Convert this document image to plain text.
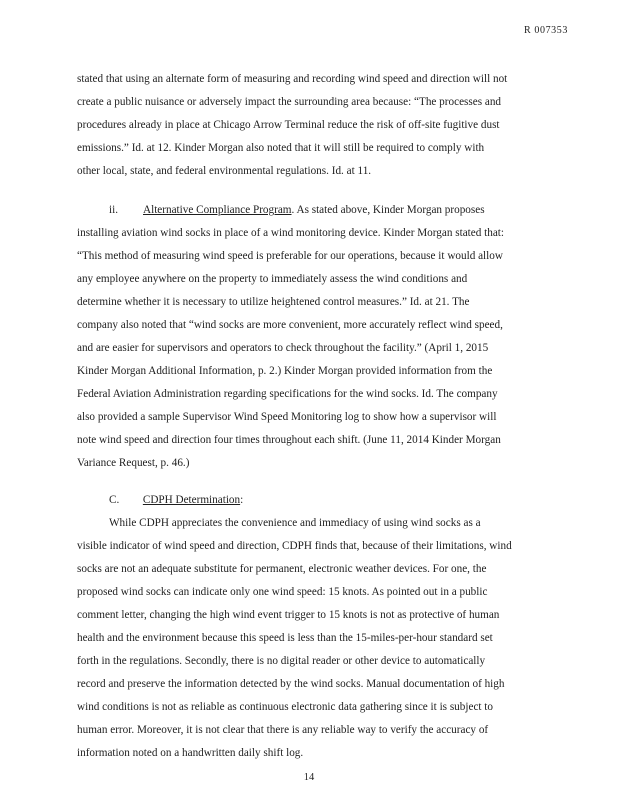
R 007353
stated that using an alternate form of measuring and recording wind speed and direction will not
create a public nuisance or adversely impact the surrounding area because: “The processes and
procedures already in place at Chicago Arrow Terminal reduce the risk of off-site fugitive dust
emissions.” Id. at 12. Kinder Morgan also noted that it will still be required to comply with
other local, state, and federal environmental regulations. Id. at 11.
ii. Alternative Compliance Program. As stated above, Kinder Morgan proposes
installing aviation wind socks in place of a wind monitoring device. Kinder Morgan stated that:
“This method of measuring wind speed is preferable for our operations, because it would allow
any employee anywhere on the property to immediately assess the wind conditions and
determine whether it is necessary to utilize heightened control measures.” Id. at 21. The
company also noted that “wind socks are more convenient, more accurately reflect wind speed,
and are easier for supervisors and operators to check throughout the facility.” (April 1, 2015
Kinder Morgan Additional Information, p. 2.) Kinder Morgan provided information from the
Federal Aviation Administration regarding specifications for the wind socks. Id. The company
also provided a sample Supervisor Wind Speed Monitoring log to show how a supervisor will
note wind speed and direction four times throughout each shift. (June 11, 2014 Kinder Morgan
Variance Request, p. 46.)
C. CDPH Determination:
While CDPH appreciates the convenience and immediacy of using wind socks as a
visible indicator of wind speed and direction, CDPH finds that, because of their limitations, wind
socks are not an adequate substitute for permanent, electronic weather devices. For one, the
proposed wind socks can indicate only one wind speed: 15 knots. As pointed out in a public
comment letter, changing the high wind event trigger to 15 knots is not as protective of human
health and the environment because this speed is less than the 15-miles-per-hour standard set
forth in the regulations. Secondly, there is no digital reader or other device to automatically
record and preserve the information detected by the wind socks. Manual documentation of high
wind conditions is not as reliable as continuous electronic data gathering since it is subject to
human error. Moreover, it is not clear that there is any reliable way to verify the accuracy of
information noted on a handwritten daily shift log.
14
